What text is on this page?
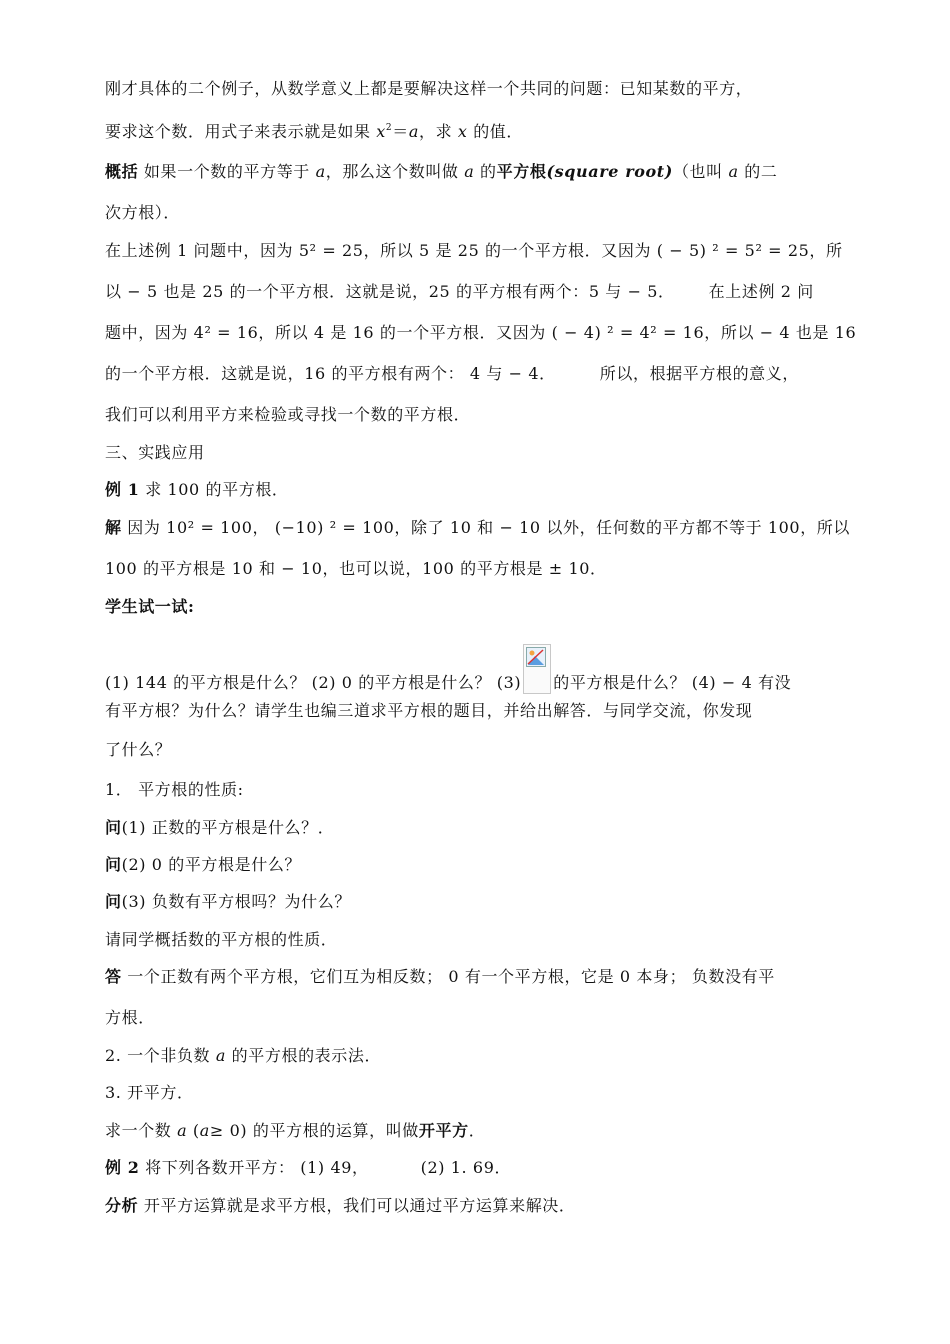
刚才具体的二个例子，从数学意义上都是要解决这样一个共同的问题：已知某数的平方，
要求这个数．用式子来表示就是如果 $x^2=a$，求 x 的值．
概括 如果一个数的平方等于 a，那么这个数叫做 a 的平方根(square root)（也叫 a 的二
次方根）．
在上述例 1 问题中，因为 5² = 25，所以 5 是 25 的一个平方根．又因为 ( − 5) ² = 5² = 25，所
以 − 5 也是 25 的一个平方根．这就是说，25 的平方根有两个：5 与 − 5． 在上述例 2 问
题中，因为 4² = 16，所以 4 是 16 的一个平方根．又因为 ( − 4) ² = 4² = 16，所以 − 4 也是 16
的一个平方根．这就是说，16 的平方根有两个： 4 与 − 4．	所以，根据平方根的意义，
我们可以利用平方来检验或寻找一个数的平方根．
三、实践应用
例 1 求 100 的平方根．
解 因为 10² = 100， (−10) ² = 100，除了 10 和 − 10 以外，任何数的平方都不等于 100，所以
100 的平方根是 10 和 − 10，也可以说，100 的平方根是 ± 10．
学生试一试:
(1) 144 的平方根是什么？ (2) 0 的平方根是什么？ (3) 的平方根是什么？ (4) − 4 有没
有平方根？为什么？请学生也编三道求平方根的题目，并给出解答．与同学交流，你发现
了什么？
1． 平方根的性质:
问(1) 正数的平方根是什么？．
问(2) 0 的平方根是什么？
问(3) 负数有平方根吗？为什么？
请同学概括数的平方根的性质．
答 一个正数有两个平方根，它们互为相反数； 0 有一个平方根，它是 0 本身； 负数没有平
方根．
2. 一个非负数 a 的平方根的表示法．
3. 开平方．
求一个数 a (a≥ 0) 的平方根的运算，叫做开平方．
例 2 将下列各数开平方： (1) 49，	(2) 1. 69．
分析 开平方运算就是求平方根，我们可以通过平方运算来解决．
